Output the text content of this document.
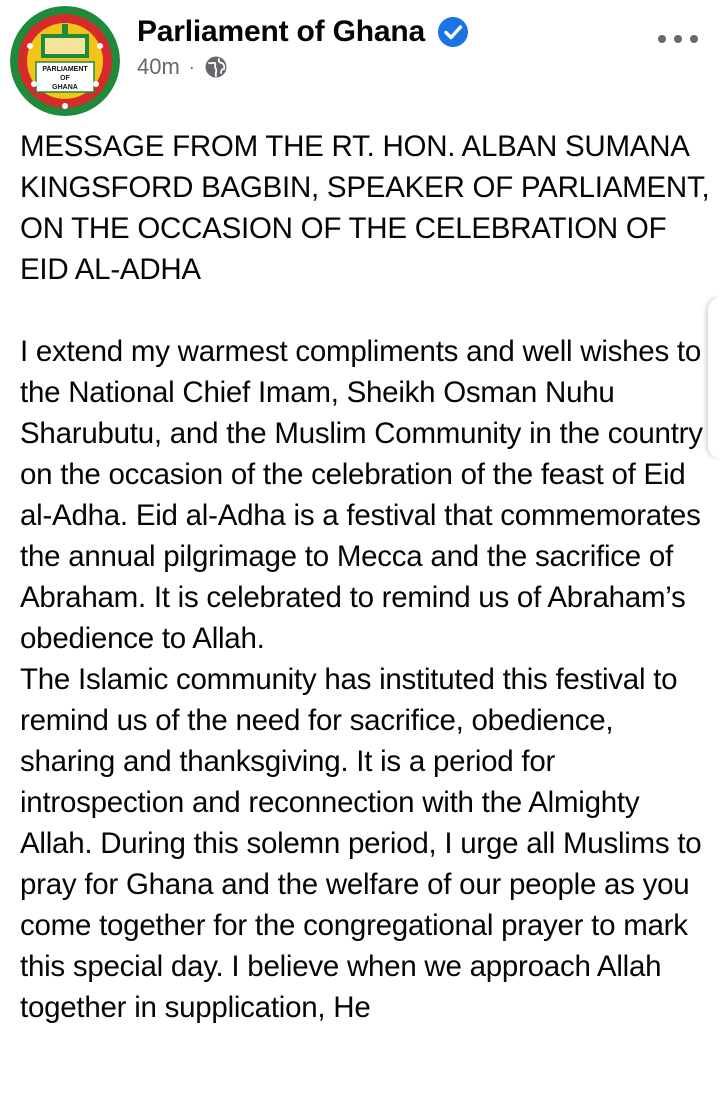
PARLIAMENT
OF
GHANA
Parliament of Ghana
40m ·

MESSAGE FROM THE RT. HON. ALBAN SUMANA KINGSFORD BAGBIN, SPEAKER OF PARLIAMENT, ON THE OCCASION OF THE CELEBRATION OF EID AL-ADHA

I extend my warmest compliments and well wishes to the National Chief Imam, Sheikh Osman Nuhu Sharubutu, and the Muslim Community in the country on the occasion of the celebration of the feast of Eid al-Adha. Eid al-Adha is a festival that commemorates the annual pilgrimage to Mecca and the sacrifice of Abraham. It is celebrated to remind us of Abraham’s obedience to Allah.

The Islamic community has instituted this festival to remind us of the need for sacrifice, obedience, sharing and thanksgiving. It is a period for introspection and reconnection with the Almighty Allah. During this solemn period, I urge all Muslims to pray for Ghana and the welfare of our people as you come together for the congregational prayer to mark this special day. I believe when we approach Allah together in supplication, He
